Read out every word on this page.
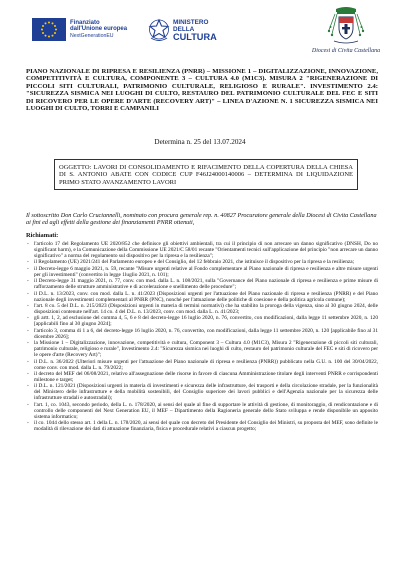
Finanziato
dall'Unione europea
NextGenerationEU
MINISTERO
DELLA
CULTURA
Diocesi di Civita Castellana
PIANO NAZIONALE DI RIPRESA E RESILIENZA (PNRR) – MISSIONE 1 – DIGITALIZZAZIONE, INNOVAZIONE, COMPETITIVITÀ E CULTURA, COMPONENTE 3 – CULTURA 4.0 (M1C3). MISURA 2 "RIGENERAZIONE DI PICCOLI SITI CULTURALI, PATRIMONIO CULTURALE, RELIGIOSO E RURALE". INVESTIMENTO 2.4: "SICUREZZA SISMICA NEI LUOGHI DI CULTO, RESTAURO DEL PATRIMONIO CULTURALE DEL FEC E SITI DI RICOVERO PER LE OPERE D'ARTE (RECOVERY ART)" – LINEA D'AZIONE N. 1 SICUREZZA SISMICA NEI LUOGHI DI CULTO, TORRI E CAMPANILI
Determina n. 25 del 13.07.2024
OGGETTO: LAVORI DI CONSOLIDAMENTO E RIFACIMENTO DELLA COPERTURA DELLA CHIESA DI S. ANTONIO ABATE CON CODICE CUP F46J24000140006 – DETERMINA DI LIQUIDAZIONE PRIMO STATO AVANZAMENTO LAVORI
Il sottoscritto Don Carlo Cruciannelli, nominato con procura generale rep. n. 40827 Procuratore generale della Diocesi di Civita Castellana ai fini ed agli effetti della gestione dei finanziamenti PNRR ottenuti,
Richiamati:
- l'articolo 17 del Regolamento UE 2020/852 che definisce gli obiettivi ambientali, tra cui il principio di non arrecare un danno significativo (DNSH, Do no significant harm), e la Comunicazione della Commissione UE 2021/C 58/01 recante "Orientamenti tecnici sull'applicazione del principio "non arrecare un danno significativo" a norma del regolamento sul dispositivo per la ripresa e la resilienza";
- il Regolamento (UE) 2021/241 del Parlamento europeo e del Consiglio, del 12 febbraio 2021, che istituisce il dispositivo per la ripresa e la resilienza;
- il Decreto-legge 6 maggio 2021, n. 59, recante "Misure urgenti relative al Fondo complementare al Piano nazionale di ripresa e resilienza e altre misure urgenti per gli investimenti" (convertito in legge 1luglio 2021, n. 101);
- il Decreto-legge 31 maggio 2021, n. 77, conv. con mod. dalla L. n. 108/2021, sulla "Governance del Piano nazionale di ripresa e resilienza e prime misure di rafforzamento delle strutture amministrative e di accelerazione e snellimento delle procedure";
- il D.L. n. 13/2023, conv. con mod. dalla L. n. 41/2023 (Disposizioni urgenti per l'attuazione del Piano nazionale di ripresa e resilienza (PNRR) e del Piano nazionale degli investimenti complementari al PNRR (PNC), nonché per l'attuazione delle politiche di coesione e della politica agricola comune);
- l'art. 8 co. 5 del D.L. n. 215/2023 (Disposizioni urgenti in materia di termini normativi) che ha stabilito la proroga della vigenza, sino al 30 giugno 2024, delle disposizioni contenute nell'art. 14 co. 4 del D.L. n. 13/2023, conv. con mod. dalla L. n. 41/2023;
- gli artt. 1, 2, ad esclusione del comma 4, 5, 6 e 8 del decreto-legge 16 luglio 2020, n. 76, convertito, con modificazioni, dalla legge 11 settembre 2020, n. 120 [applicabili fino al 30 giugno 2024];
- l'articolo 3, comma di 1 a 6, del decreto-legge 16 luglio 2020, n. 76, convertito, con modificazioni, dalla legge 11 settembre 2020, n. 120 [applicabile fino al 31 dicembre 2026];
- la Missione 1 – Digitalizzazione, innovazione, competitività e cultura, Component 3 – Cultura 4.0 (M1C3), Misura 2 "Rigenerazione di piccoli siti culturali, patrimonio culturale, religioso e rurale", Investimento 2.4: "Sicurezza sismica nei luoghi di culto, restauro del patrimonio culturale del FEC e siti di ricovero per le opere d'arte (Recovery Art)";
- il D.L. n. 36/2022 (Ulteriori misure urgenti per l'attuazione del Piano nazionale di ripresa e resilienza (PNRR)) pubblicato nella G.U. n. 100 del 30/04/2022, come conv. con mod. dalla L. n. 79/2022;
- il decreto del MEF del 06/08/2021, relativo all'assegnazione delle risorse in favore di ciascuna Amministrazione titolare degli interventi PNRR e corrispondenti milestone e target;
- il D.L. n. 121/2021 (Disposizioni urgenti in materia di investimenti e sicurezza delle infrastrutture, dei trasporti e della circolazione stradale, per la funzionalità del Ministero delle infrastrutture e della mobilità sostenibili, del Consiglio superiore dei lavori pubblici e dell'Agenzia nazionale per la sicurezza delle infrastrutture stradali e autostradali);
- l'art. 1, co. 1043, secondo periodo, della L. n. 178/2020, ai sensi del quale al fine di supportare le attività di gestione, di monitoraggio, di rendicontazione e di controllo delle componenti del Next Generation EU, il MEF – Dipartimento della Ragioneria generale dello Stato sviluppa e rende disponibile un apposito sistema informatico;
- il co. 1044 dello stesso art. 1 della L. n. 178/2020, ai sensi del quale con decreto del Presidente del Consiglio dei Ministri, su proposta del MEF, sono definite le modalità di rilevazione dei dati di attuazione finanziaria, fisica e procedurale relativi a ciascun progetto;
